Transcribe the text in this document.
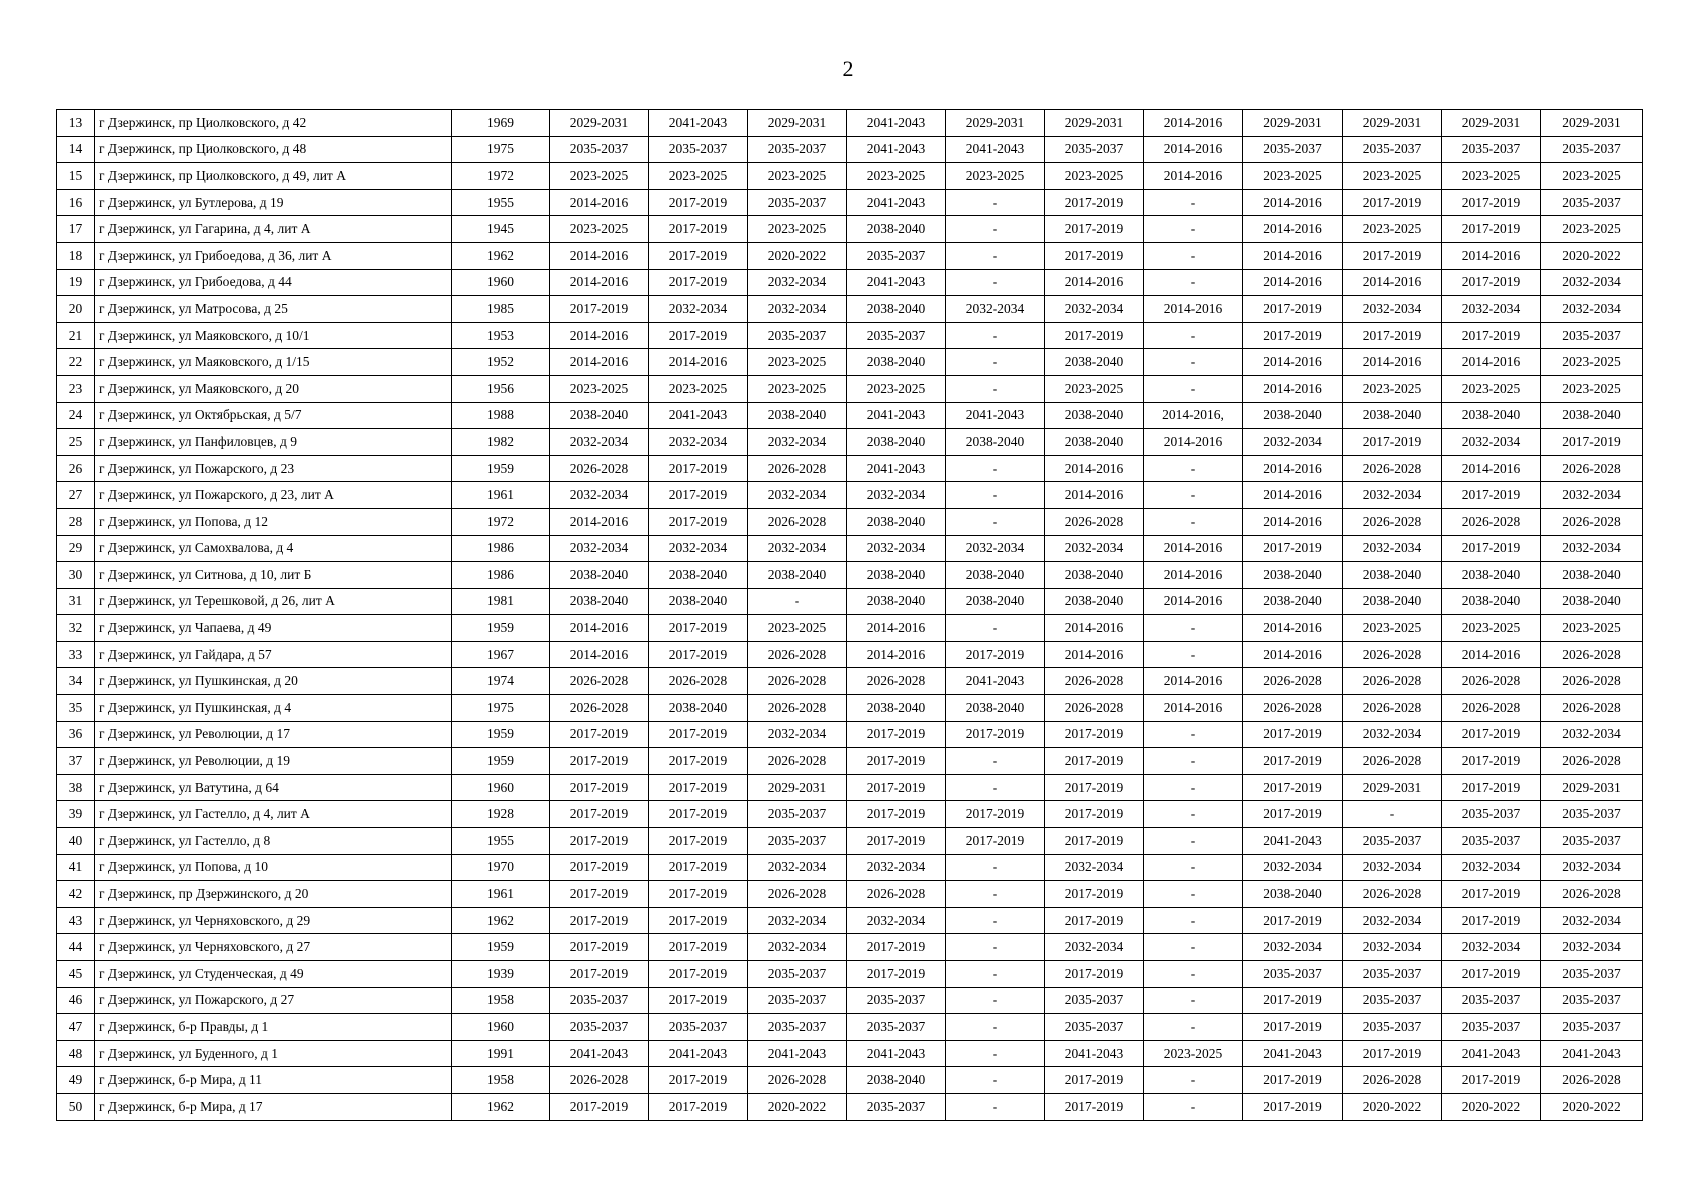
2
13	г Дзержинск, пр Циолковского, д 42	1969	2029-2031	2041-2043	2029-2031	2041-2043	2029-2031	2029-2031	2014-2016	2029-2031	2029-2031	2029-2031	2029-2031
14	г Дзержинск, пр Циолковского, д 48	1975	2035-2037	2035-2037	2035-2037	2041-2043	2041-2043	2035-2037	2014-2016	2035-2037	2035-2037	2035-2037	2035-2037
15	г Дзержинск, пр Циолковского, д 49, лит А	1972	2023-2025	2023-2025	2023-2025	2023-2025	2023-2025	2023-2025	2014-2016	2023-2025	2023-2025	2023-2025	2023-2025
16	г Дзержинск, ул Бутлерова, д 19	1955	2014-2016	2017-2019	2035-2037	2041-2043	-	2017-2019	-	2014-2016	2017-2019	2017-2019	2035-2037
17	г Дзержинск, ул Гагарина, д 4, лит А	1945	2023-2025	2017-2019	2023-2025	2038-2040	-	2017-2019	-	2014-2016	2023-2025	2017-2019	2023-2025
18	г Дзержинск, ул Грибоедова, д 36, лит А	1962	2014-2016	2017-2019	2020-2022	2035-2037	-	2017-2019	-	2014-2016	2017-2019	2014-2016	2020-2022
19	г Дзержинск, ул Грибоедова, д 44	1960	2014-2016	2017-2019	2032-2034	2041-2043	-	2014-2016	-	2014-2016	2014-2016	2017-2019	2032-2034
20	г Дзержинск, ул Матросова, д 25	1985	2017-2019	2032-2034	2032-2034	2038-2040	2032-2034	2032-2034	2014-2016	2017-2019	2032-2034	2032-2034	2032-2034
21	г Дзержинск, ул Маяковского, д 10/1	1953	2014-2016	2017-2019	2035-2037	2035-2037	-	2017-2019	-	2017-2019	2017-2019	2017-2019	2035-2037
22	г Дзержинск, ул Маяковского, д 1/15	1952	2014-2016	2014-2016	2023-2025	2038-2040	-	2038-2040	-	2014-2016	2014-2016	2014-2016	2023-2025
23	г Дзержинск, ул Маяковского, д 20	1956	2023-2025	2023-2025	2023-2025	2023-2025	-	2023-2025	-	2014-2016	2023-2025	2023-2025	2023-2025
24	г Дзержинск, ул Октябрьская, д 5/7	1988	2038-2040	2041-2043	2038-2040	2041-2043	2041-2043	2038-2040	2014-2016,	2038-2040	2038-2040	2038-2040	2038-2040
25	г Дзержинск, ул Панфиловцев, д 9	1982	2032-2034	2032-2034	2032-2034	2038-2040	2038-2040	2038-2040	2014-2016	2032-2034	2017-2019	2032-2034	2017-2019
26	г Дзержинск, ул Пожарского, д 23	1959	2026-2028	2017-2019	2026-2028	2041-2043	-	2014-2016	-	2014-2016	2026-2028	2014-2016	2026-2028
27	г Дзержинск, ул Пожарского, д 23, лит А	1961	2032-2034	2017-2019	2032-2034	2032-2034	-	2014-2016	-	2014-2016	2032-2034	2017-2019	2032-2034
28	г Дзержинск, ул Попова, д 12	1972	2014-2016	2017-2019	2026-2028	2038-2040	-	2026-2028	-	2014-2016	2026-2028	2026-2028	2026-2028
29	г Дзержинск, ул Самохвалова, д 4	1986	2032-2034	2032-2034	2032-2034	2032-2034	2032-2034	2032-2034	2014-2016	2017-2019	2032-2034	2017-2019	2032-2034
30	г Дзержинск, ул Ситнова, д 10, лит Б	1986	2038-2040	2038-2040	2038-2040	2038-2040	2038-2040	2038-2040	2014-2016	2038-2040	2038-2040	2038-2040	2038-2040
31	г Дзержинск, ул Терешковой, д 26, лит А	1981	2038-2040	2038-2040	-	2038-2040	2038-2040	2038-2040	2014-2016	2038-2040	2038-2040	2038-2040	2038-2040
32	г Дзержинск, ул Чапаева, д 49	1959	2014-2016	2017-2019	2023-2025	2014-2016	-	2014-2016	-	2014-2016	2023-2025	2023-2025	2023-2025
33	г Дзержинск, ул Гайдара, д 57	1967	2014-2016	2017-2019	2026-2028	2014-2016	2017-2019	2014-2016	-	2014-2016	2026-2028	2014-2016	2026-2028
34	г Дзержинск, ул Пушкинская, д 20	1974	2026-2028	2026-2028	2026-2028	2026-2028	2041-2043	2026-2028	2014-2016	2026-2028	2026-2028	2026-2028	2026-2028
35	г Дзержинск, ул Пушкинская, д 4	1975	2026-2028	2038-2040	2026-2028	2038-2040	2038-2040	2026-2028	2014-2016	2026-2028	2026-2028	2026-2028	2026-2028
36	г Дзержинск, ул Революции, д 17	1959	2017-2019	2017-2019	2032-2034	2017-2019	2017-2019	2017-2019	-	2017-2019	2032-2034	2017-2019	2032-2034
37	г Дзержинск, ул Революции, д 19	1959	2017-2019	2017-2019	2026-2028	2017-2019	-	2017-2019	-	2017-2019	2026-2028	2017-2019	2026-2028
38	г Дзержинск, ул Ватутина, д 64	1960	2017-2019	2017-2019	2029-2031	2017-2019	-	2017-2019	-	2017-2019	2029-2031	2017-2019	2029-2031
39	г Дзержинск, ул Гастелло, д 4, лит А	1928	2017-2019	2017-2019	2035-2037	2017-2019	2017-2019	2017-2019	-	2017-2019	-	2035-2037	2035-2037
40	г Дзержинск, ул Гастелло, д 8	1955	2017-2019	2017-2019	2035-2037	2017-2019	2017-2019	2017-2019	-	2041-2043	2035-2037	2035-2037	2035-2037
41	г Дзержинск, ул Попова, д 10	1970	2017-2019	2017-2019	2032-2034	2032-2034	-	2032-2034	-	2032-2034	2032-2034	2032-2034	2032-2034
42	г Дзержинск, пр Дзержинского, д 20	1961	2017-2019	2017-2019	2026-2028	2026-2028	-	2017-2019	-	2038-2040	2026-2028	2017-2019	2026-2028
43	г Дзержинск, ул Черняховского, д 29	1962	2017-2019	2017-2019	2032-2034	2032-2034	-	2017-2019	-	2017-2019	2032-2034	2017-2019	2032-2034
44	г Дзержинск, ул Черняховского, д 27	1959	2017-2019	2017-2019	2032-2034	2017-2019	-	2032-2034	-	2032-2034	2032-2034	2032-2034	2032-2034
45	г Дзержинск, ул Студенческая, д 49	1939	2017-2019	2017-2019	2035-2037	2017-2019	-	2017-2019	-	2035-2037	2035-2037	2017-2019	2035-2037
46	г Дзержинск, ул Пожарского, д 27	1958	2035-2037	2017-2019	2035-2037	2035-2037	-	2035-2037	-	2017-2019	2035-2037	2035-2037	2035-2037
47	г Дзержинск, б-р Правды, д 1	1960	2035-2037	2035-2037	2035-2037	2035-2037	-	2035-2037	-	2017-2019	2035-2037	2035-2037	2035-2037
48	г Дзержинск, ул Буденного, д 1	1991	2041-2043	2041-2043	2041-2043	2041-2043	-	2041-2043	2023-2025	2041-2043	2017-2019	2041-2043	2041-2043
49	г Дзержинск, б-р Мира, д 11	1958	2026-2028	2017-2019	2026-2028	2038-2040	-	2017-2019	-	2017-2019	2026-2028	2017-2019	2026-2028
50	г Дзержинск, б-р Мира, д 17	1962	2017-2019	2017-2019	2020-2022	2035-2037	-	2017-2019	-	2017-2019	2020-2022	2020-2022	2020-2022
